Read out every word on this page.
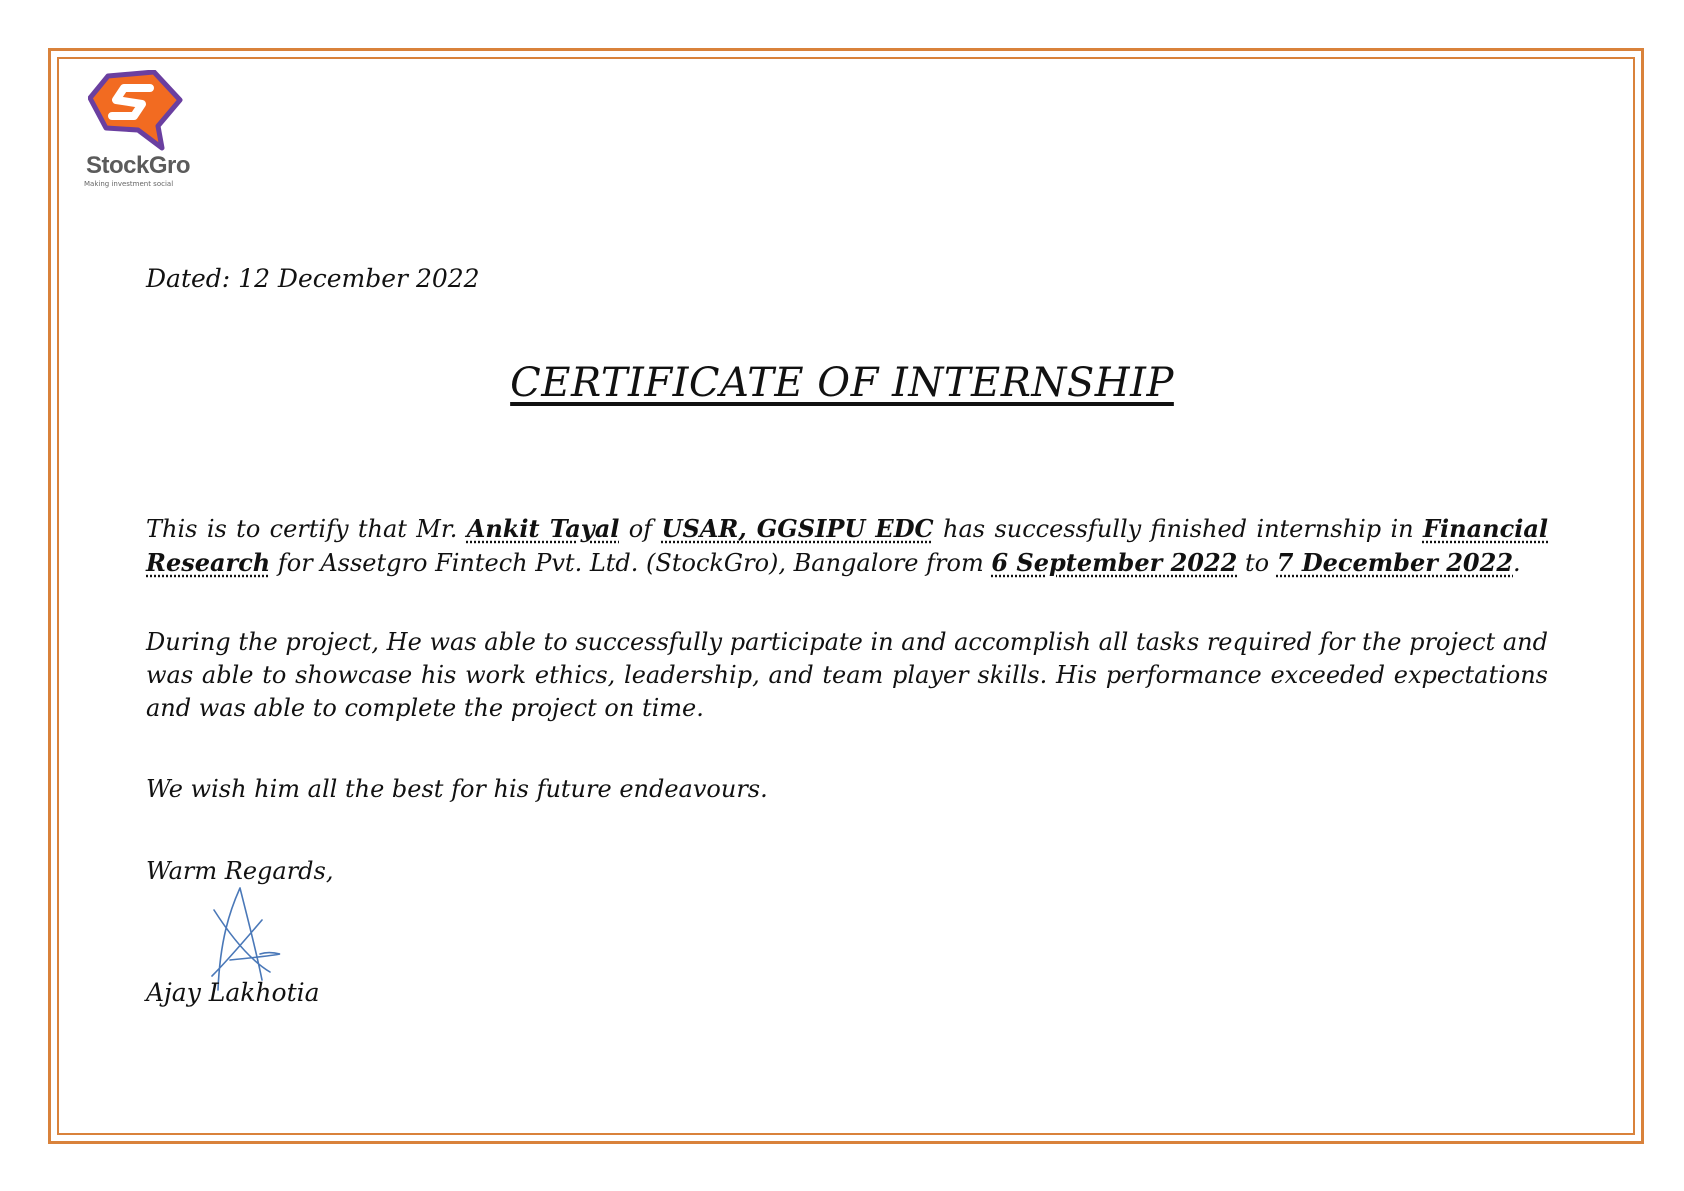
StockGro
Making investment social
Dated: 12 December 2022
CERTIFICATE OF INTERNSHIP
This is to certify that Mr. Ankit Tayal of USAR, GGSIPU EDC has successfully finished internship in Financial Research for Assetgro Fintech Pvt. Ltd. (StockGro), Bangalore from 6 September 2022 to 7 December 2022.
During the project, He was able to successfully participate in and accomplish all tasks required for the project and was able to showcase his work ethics, leadership, and team player skills. His performance exceeded expectations and was able to complete the project on time.
We wish him all the best for his future endeavours.
Warm Regards,
Ajay Lakhotia
